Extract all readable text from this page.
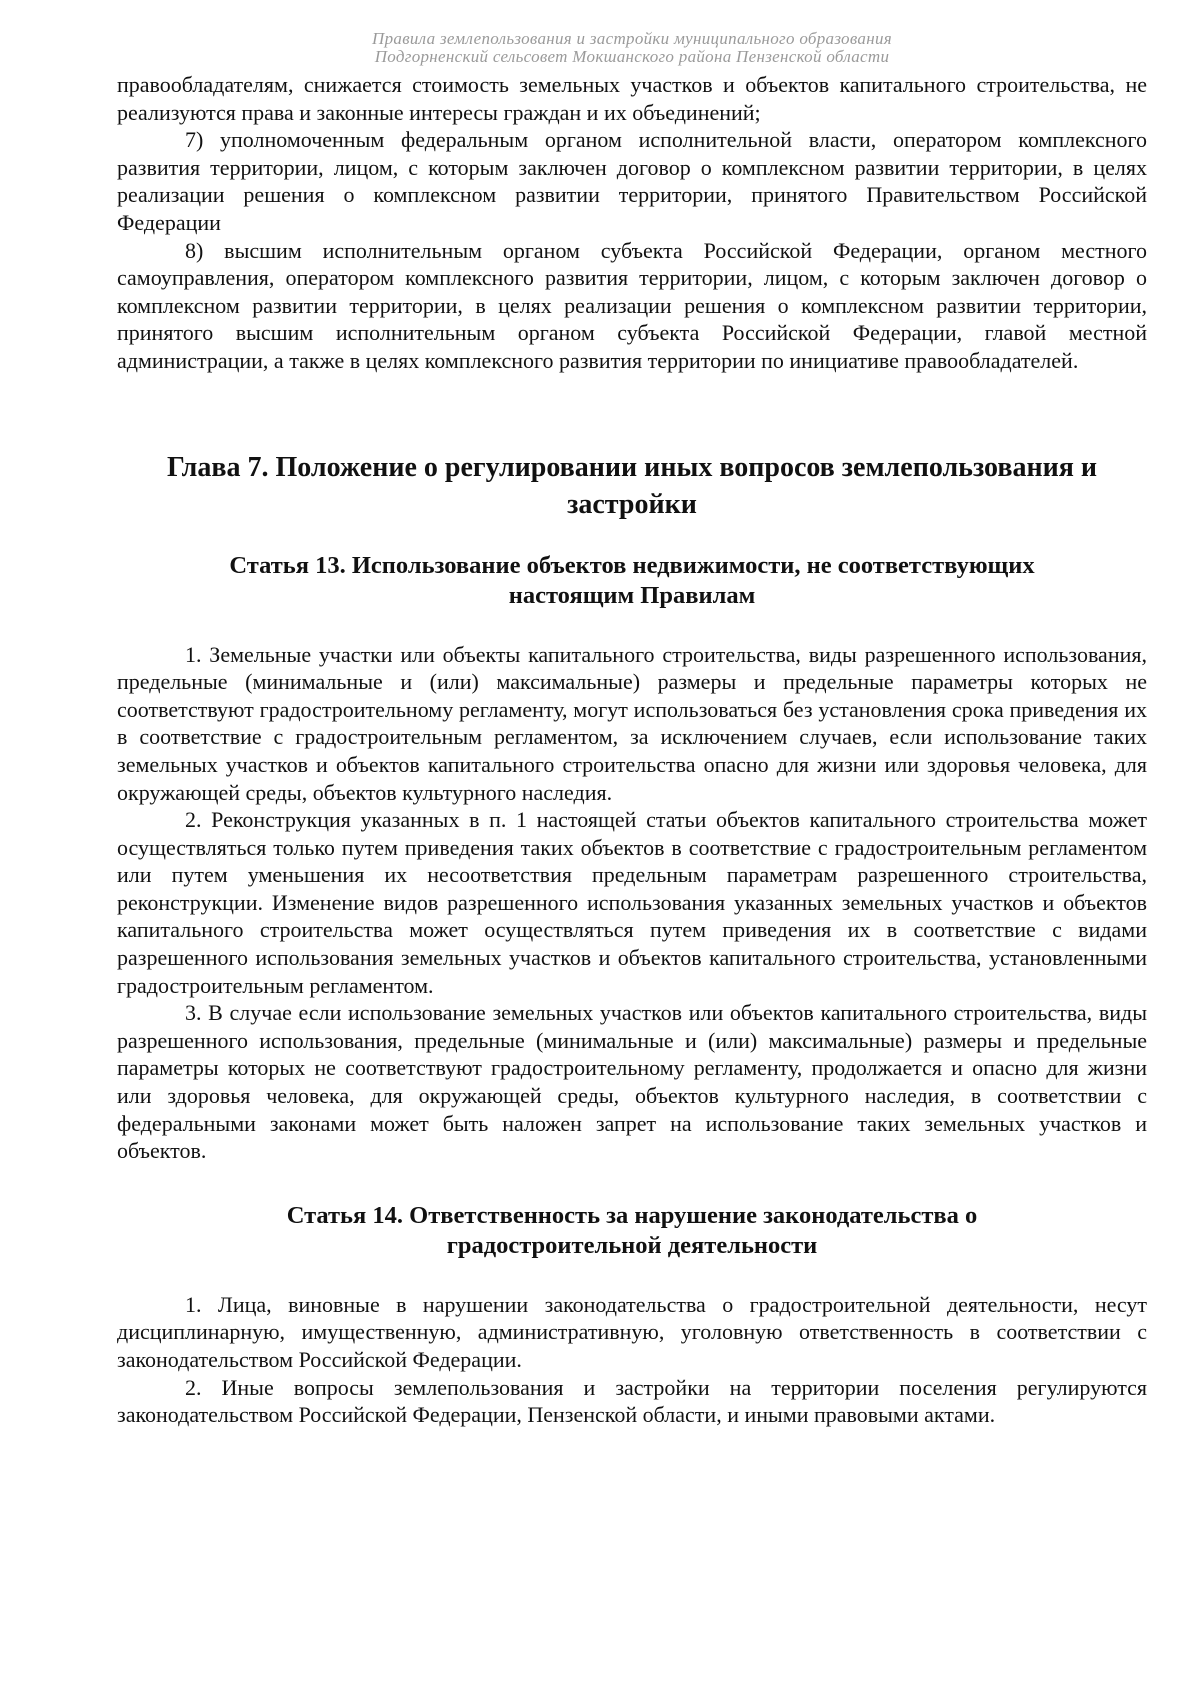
Правила землепользования и застройки муниципального образования
Подгорненский сельсовет Мокшанского района Пензенской области

правообладателям, снижается стоимость земельных участков и объектов капитального строительства, не реализуются права и законные интересы граждан и их объединений;

7) уполномоченным федеральным органом исполнительной власти, оператором комплексного развития территории, лицом, с которым заключен договор о комплексном развитии территории, в целях реализации решения о комплексном развитии территории, принятого Правительством Российской Федерации

8) высшим исполнительным органом субъекта Российской Федерации, органом местного самоуправления, оператором комплексного развития территории, лицом, с которым заключен договор о комплексном развитии территории, в целях реализации решения о комплексном развитии территории, принятого высшим исполнительным органом субъекта Российской Федерации, главой местной администрации, а также в целях комплексного развития территории по инициативе правообладателей.

Глава 7. Положение о регулировании иных вопросов землепользования и застройки
Статья 13. Использование объектов недвижимости, не соответствующих настоящим Правилам

1. Земельные участки или объекты капитального строительства, виды разрешенного использования, предельные (минимальные и (или) максимальные) размеры и предельные параметры которых не соответствуют градостроительному регламенту, могут использоваться без установления срока приведения их в соответствие с градостроительным регламентом, за исключением случаев, если использование таких земельных участков и объектов капитального строительства опасно для жизни или здоровья человека, для окружающей среды, объектов культурного наследия.

2. Реконструкция указанных в п. 1 настоящей статьи объектов капитального строительства может осуществляться только путем приведения таких объектов в соответствие с градостроительным регламентом или путем уменьшения их несоответствия предельным параметрам разрешенного строительства, реконструкции. Изменение видов разрешенного использования указанных земельных участков и объектов капитального строительства может осуществляться путем приведения их в соответствие с видами разрешенного использования земельных участков и объектов капитального строительства, установленными градостроительным регламентом.

3. В случае если использование земельных участков или объектов капитального строительства, виды разрешенного использования, предельные (минимальные и (или) максимальные) размеры и предельные параметры которых не соответствуют градостроительному регламенту, продолжается и опасно для жизни или здоровья человека, для окружающей среды, объектов культурного наследия, в соответствии с федеральными законами может быть наложен запрет на использование таких земельных участков и объектов.

Статья 14. Ответственность за нарушение законодательства о градостроительной деятельности

1. Лица, виновные в нарушении законодательства о градостроительной деятельности, несут дисциплинарную, имущественную, административную, уголовную ответственность в соответствии с законодательством Российской Федерации.

2. Иные вопросы землепользования и застройки на территории поселения регулируются законодательством Российской Федерации, Пензенской области, и иными правовыми актами.
